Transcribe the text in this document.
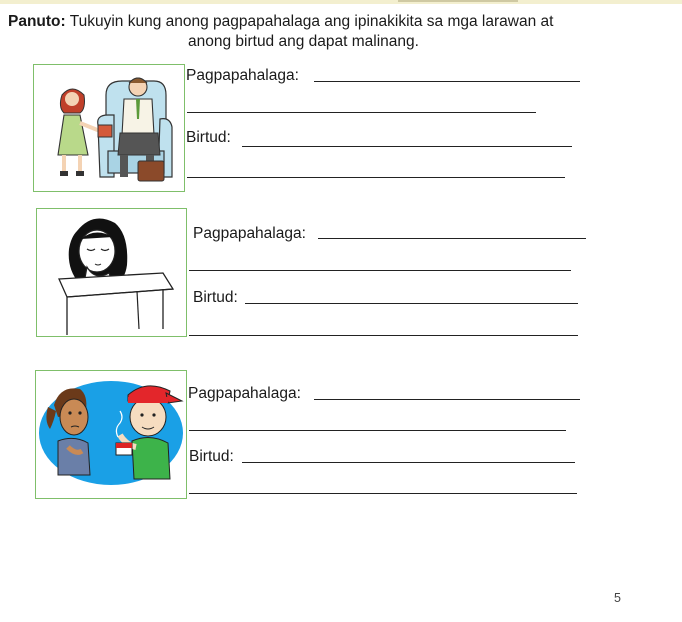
Panuto: Tukuyin kung anong pagpapahalaga ang ipinakikita sa mga larawan at
anong birtud ang dapat malinang.
Pagpapahalaga:
Birtud:
Pagpapahalaga:
Birtud:
Pagpapahalaga:
Birtud:
5
